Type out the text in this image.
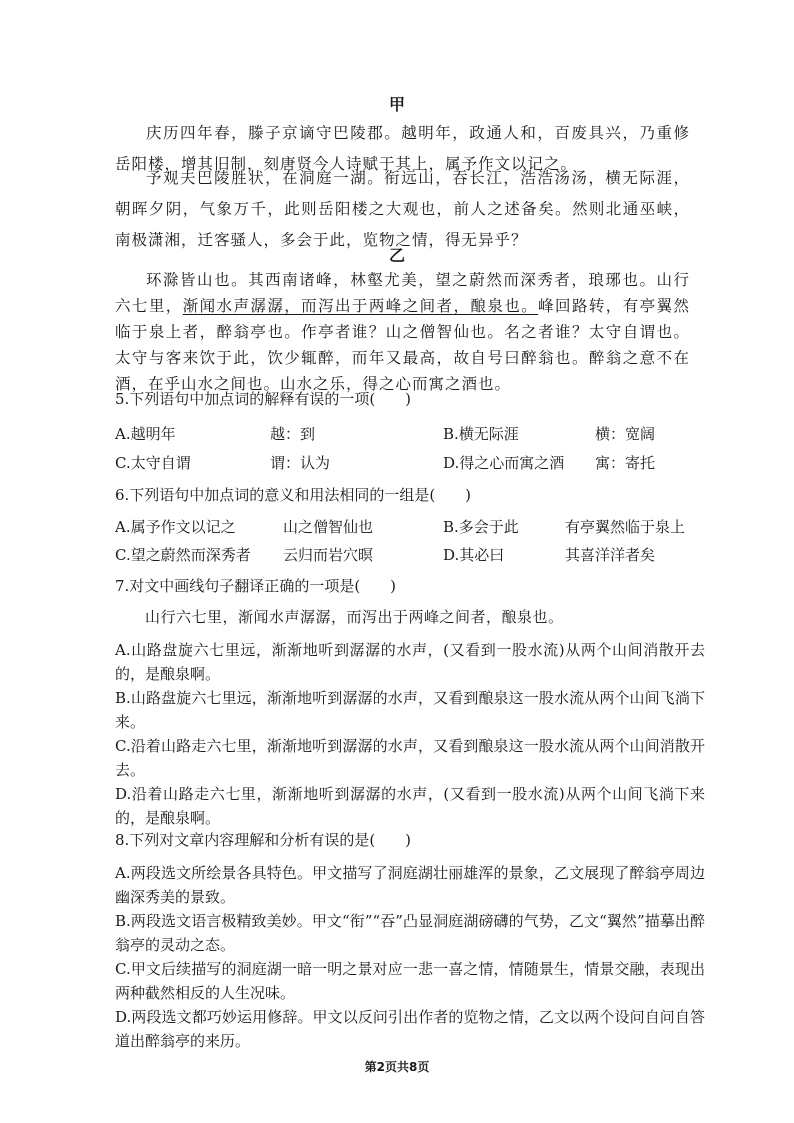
甲
庆历四年春，滕子京谪守巴陵郡。越明年，政通人和，百废具兴，乃重修岳阳楼，增其旧制，刻唐贤今人诗赋于其上，属予作文以记之。
予观夫巴陵胜状，在洞庭一湖。衔远山，吞长江，浩浩汤汤，横无际涯，朝晖夕阴，气象万千，此则岳阳楼之大观也，前人之述备矣。然则北通巫峡，南极潇湘，迁客骚人，多会于此，览物之情，得无异乎？
乙
环滁皆山也。其西南诸峰，林壑尤美，望之蔚然而深秀者，琅琊也。山行六七里，渐闻水声潺潺，而泻出于两峰之间者，酿泉也。峰回路转，有亭翼然临于泉上者，醉翁亭也。作亭者谁？山之僧智仙也。名之者谁？太守自谓也。太守与客来饮于此，饮少辄醉，而年又最高，故自号曰醉翁也。醉翁之意不在酒，在乎山水之间也。山水之乐，得之心而寓之酒也。
5.下列语句中加点词的解释有误的一项(　　)
A.越明年	越：到	B.横无际涯	横：宽阔
C.太守自谓	谓：认为	D.得之心而寓之酒 寓：寄托
6.下列语句中加点词的意义和用法相同的一组是(　　)
A.属予作文以记之	山之僧智仙也	B.多会于此	有亭翼然临于泉上
C.望之蔚然而深秀者 云归而岩穴暝	D.其必曰	其喜洋洋者矣
7.对文中画线句子翻译正确的一项是(　　)
山行六七里，渐闻水声潺潺，而泻出于两峰之间者，酿泉也。
A.山路盘旋六七里远，渐渐地听到潺潺的水声，(又看到一股水流)从两个山间消散开去的，是酿泉啊。
B.山路盘旋六七里远，渐渐地听到潺潺的水声，又看到酿泉这一股水流从两个山间飞淌下来。
C.沿着山路走六七里，渐渐地听到潺潺的水声，又看到酿泉这一股水流从两个山间消散开去。
D.沿着山路走六七里，渐渐地听到潺潺的水声，(又看到一股水流)从两个山间飞淌下来的，是酿泉啊。
8.下列对文章内容理解和分析有误的是(　　)
A.两段选文所绘景各具特色。甲文描写了洞庭湖壮丽雄浑的景象，乙文展现了醉翁亭周边幽深秀美的景致。
B.两段选文语言极精致美妙。甲文“衔”“吞”凸显洞庭湖磅礴的气势，乙文“翼然”描摹出醉翁亭的灵动之态。
C.甲文后续描写的洞庭湖一暗一明之景对应一悲一喜之情，情随景生，情景交融，表现出两种截然相反的人生况味。
D.两段选文都巧妙运用修辞。甲文以反问引出作者的览物之情，乙文以两个设问自问自答道出醉翁亭的来历。
第2页共8页
